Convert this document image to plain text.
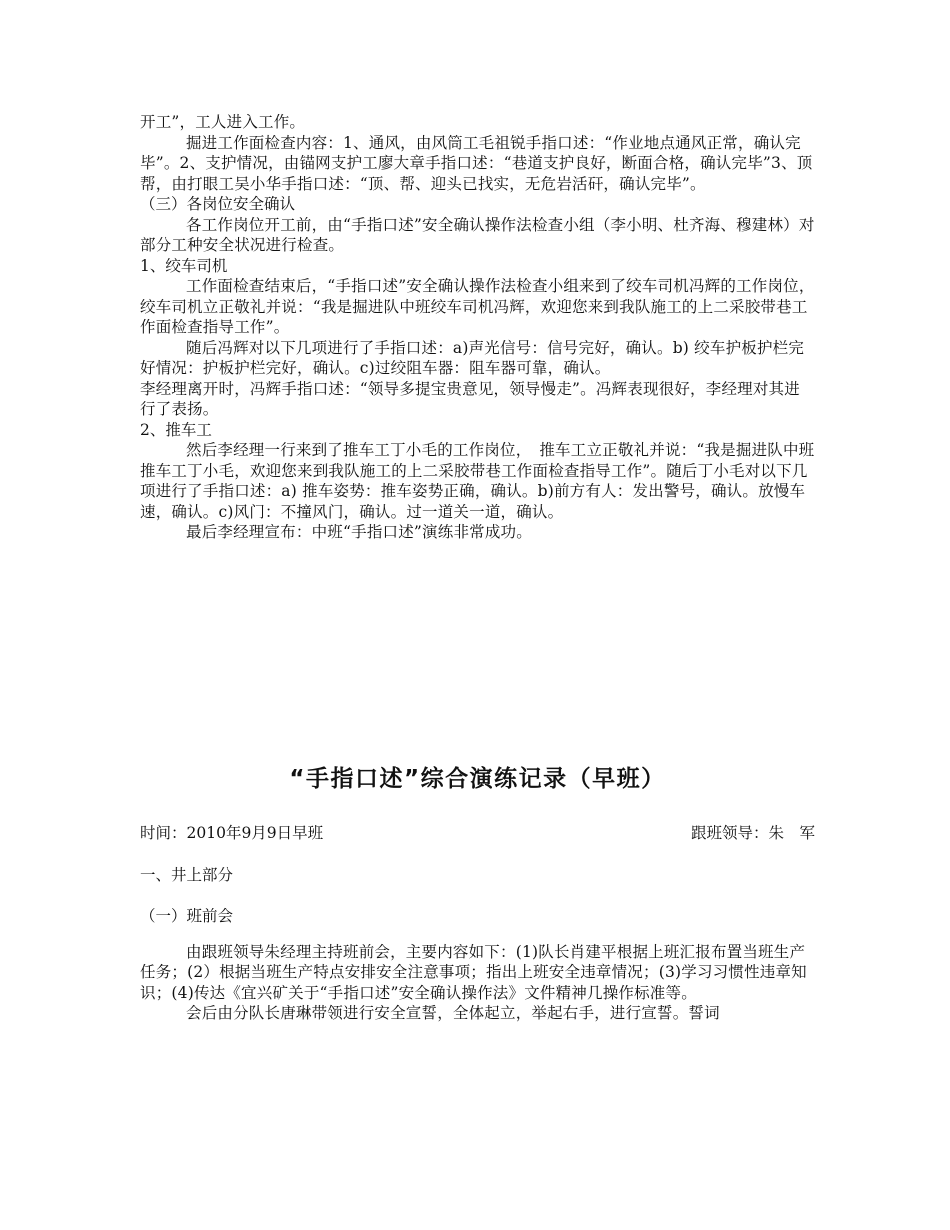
开工”，工人进入工作。

掘进工作面检查内容：1、通风，由风筒工毛祖锐手指口述：“作业地点通风正常，确认完毕”。2、支护情况，由锚网支护工廖大章手指口述：“巷道支护良好，断面合格，确认完毕”3、顶帮，由打眼工吴小华手指口述：“顶、帮、迎头已找实，无危岩活矸，确认完毕”。

（三）各岗位安全确认

各工作岗位开工前，由“手指口述”安全确认操作法检查小组（李小明、杜齐海、穆建林）对部分工种安全状况进行检查。

1、绞车司机

工作面检查结束后，“手指口述”安全确认操作法检查小组来到了绞车司机冯辉的工作岗位，　绞车司机立正敬礼并说：“我是掘进队中班绞车司机冯辉，欢迎您来到我队施工的上二采胶带巷工作面检查指导工作”。

随后冯辉对以下几项进行了手指口述：a)声光信号：信号完好，确认。b) 绞车护板护栏完好情况：护板护栏完好，确认。c)过绞阻车器：阻车器可靠，确认。

李经理离开时，冯辉手指口述：“领导多提宝贵意见，领导慢走”。冯辉表现很好，李经理对其进行了表扬。

2、推车工

然后李经理一行来到了推车工丁小毛的工作岗位，　推车工立正敬礼并说：“我是掘进队中班推车工丁小毛，欢迎您来到我队施工的上二采胶带巷工作面检查指导工作”。随后丁小毛对以下几项进行了手指口述：a) 推车姿势：推车姿势正确，确认。b)前方有人：发出警号，确认。放慢车速，确认。c)风门：不撞风门，确认。过一道关一道，确认。

最后李经理宣布：中班“手指口述”演练非常成功。

“手指口述”综合演练记录（早班）

时间：2010年9月9日早班	跟班领导：朱　军

一、井上部分

（一）班前会

由跟班领导朱经理主持班前会，主要内容如下：(1)队长肖建平根据上班汇报布置当班生产任务；(2）根据当班生产特点安排安全注意事项；指出上班安全违章情况；(3)学习习惯性违章知识；(4)传达《宜兴矿关于“手指口述”安全确认操作法》文件精神几操作标准等。

会后由分队长唐琳带领进行安全宣誓，全体起立，举起右手，进行宣誓。誓词
